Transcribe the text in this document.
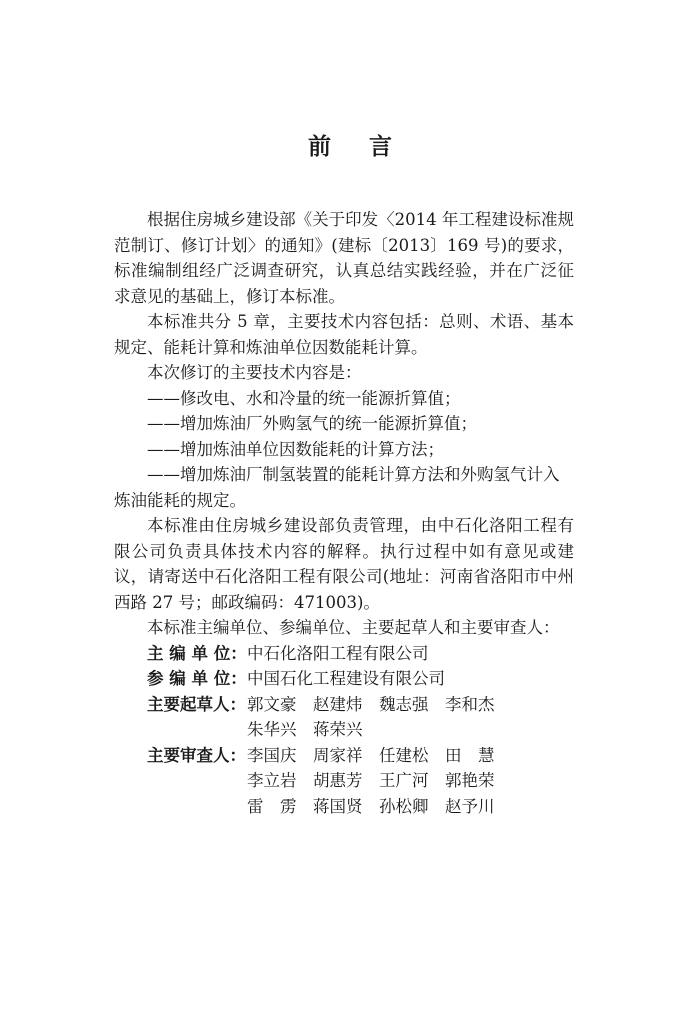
前 言

根据住房城乡建设部《关于印发〈2014 年工程建设标准规范制订、修订计划〉的通知》(建标〔2013〕169 号)的要求，标准编制组经广泛调查研究，认真总结实践经验，并在广泛征求意见的基础上，修订本标准。

本标准共分 5 章，主要技术内容包括：总则、术语、基本规定、能耗计算和炼油单位因数能耗计算。

本次修订的主要技术内容是：

——修改电、水和冷量的统一能源折算值；

——增加炼油厂外购氢气的统一能源折算值；

——增加炼油单位因数能耗的计算方法；

——增加炼油厂制氢装置的能耗计算方法和外购氢气计入炼油能耗的规定。

本标准由住房城乡建设部负责管理，由中石化洛阳工程有限公司负责具体技术内容的解释。执行过程中如有意见或建议，请寄送中石化洛阳工程有限公司(地址：河南省洛阳市中州西路 27 号；邮政编码：471003)。

本标准主编单位、参编单位、主要起草人和主要审查人：

主 编 单 位： 中石化洛阳工程有限公司
参 编 单 位： 中国石化工程建设有限公司
主要起草人： 郭文豪	赵建炜	魏志强	李和杰
朱华兴	蒋荣兴
主要审查人： 李国庆	周家祥	任建松	田　慧
李立岩	胡惠芳	王广河	郭艳荣
雷　雳	蒋国贤	孙松卿	赵予川
